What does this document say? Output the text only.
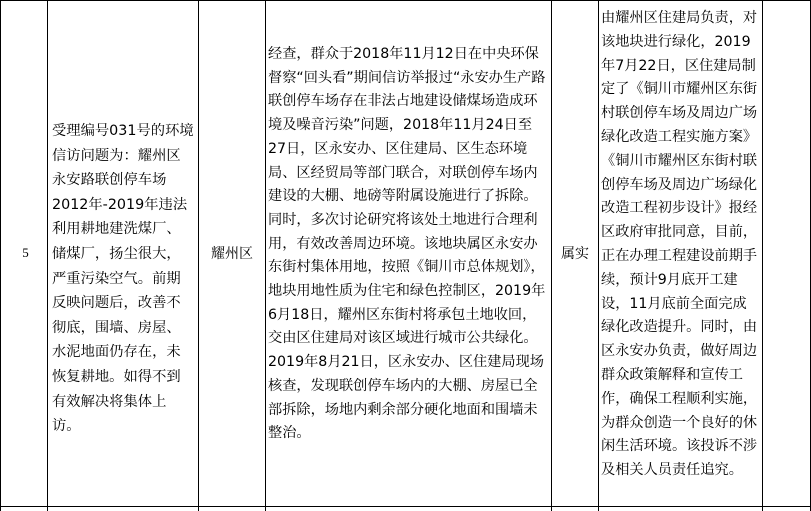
5

受理编号031号的环境信访问题为：耀州区永安路联创停车场2012年-2019年违法利用耕地建洗煤厂、储煤厂，扬尘很大，严重污染空气。前期反映问题后，改善不彻底，围墙、房屋、水泥地面仍存在，未恢复耕地。如得不到有效解决将集体上访。

耀州区

经查，群众于2018年11月12日在中央环保督察“回头看”期间信访举报过“永安办生产路联创停车场存在非法占地建设储煤场造成环境及噪音污染”问题，2018年11月24日至27日，区永安办、区住建局、区生态环境局、区经贸局等部门联合，对联创停车场内建设的大棚、地磅等附属设施进行了拆除。同时，多次讨论研究将该处土地进行合理利用，有效改善周边环境。该地块属区永安办东街村集体用地，按照《铜川市总体规划》，地块用地性质为住宅和绿色控制区，2019年6月18日，耀州区东街村将承包土地收回，交由区住建局对该区域进行城市公共绿化。

2019年8月21日，区永安办、区住建局现场核查，发现联创停车场内的大棚、房屋已全部拆除，场地内剩余部分硬化地面和围墙未整治。

属实

由耀州区住建局负责，对该地块进行绿化，2019年7月22日，区住建局制定了《铜川市耀州区东街村联创停车场及周边广场绿化改造工程实施方案》《铜川市耀州区东街村联创停车场及周边广场绿化改造工程初步设计》报经区政府审批同意，目前，正在办理工程建设前期手续，预计9月底开工建设，11月底前全面完成绿化改造提升。同时，由区永安办负责，做好周边群众政策解释和宣传工作，确保工程顺利实施，为群众创造一个良好的休闲生活环境。该投诉不涉及相关人员责任追究。
